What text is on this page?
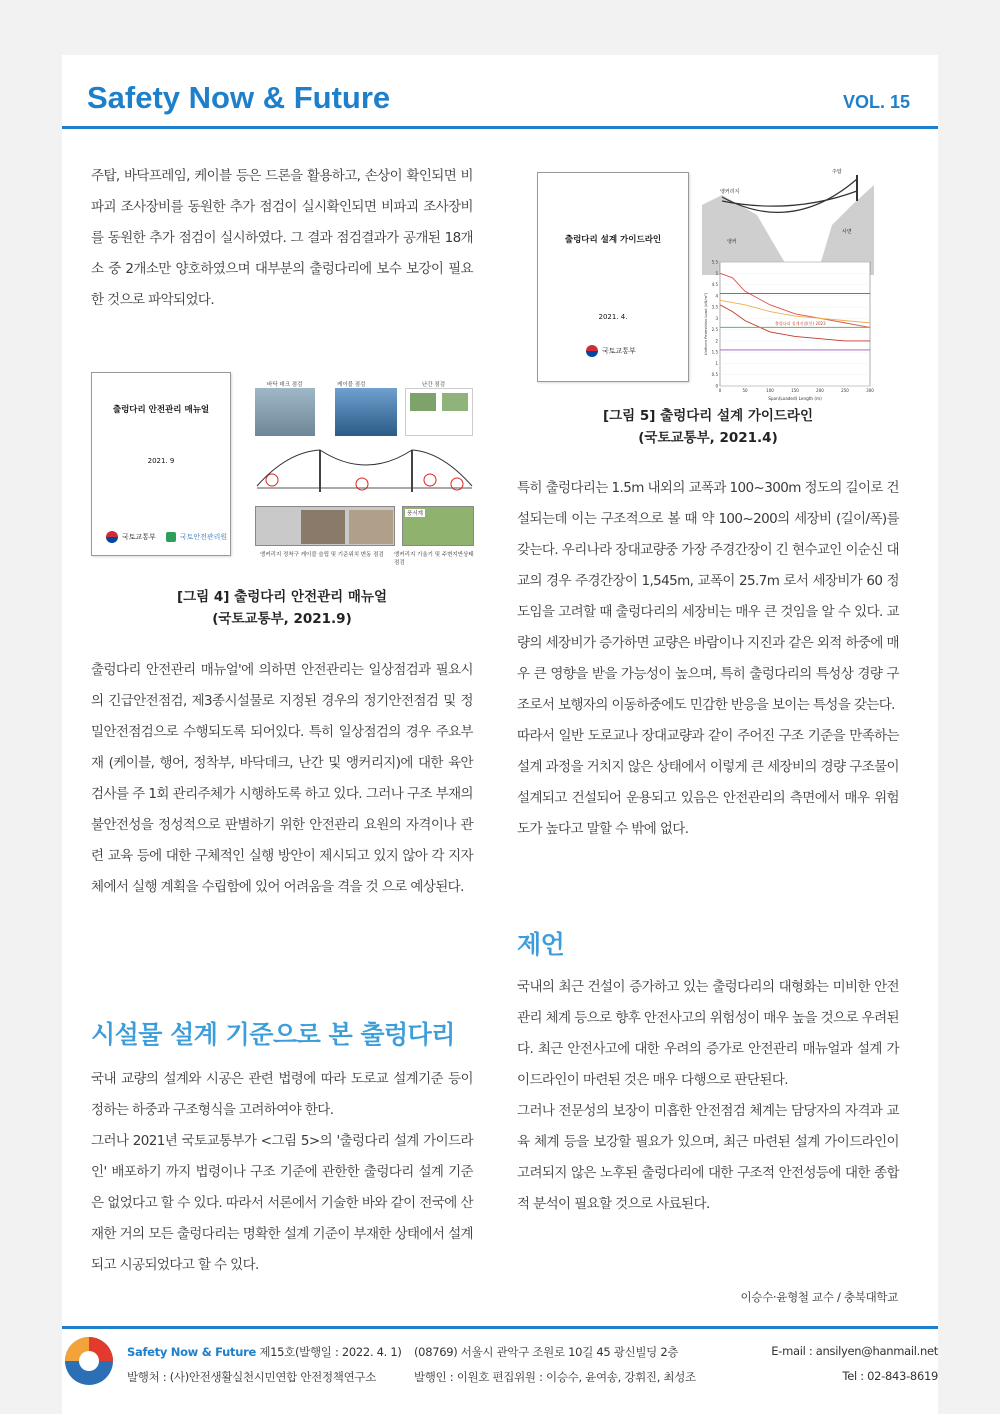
Safety Now & Future	VOL. 15

주탑, 바닥프레임, 케이블 등은 드론을 활용하고, 손상이 확인되면 비파괴 조사장비를 동원한 추가 점검이 실시확인되면 비파괴 조사장비를 동원한 추가 점검이 실시하였다. 그 결과 점검결과가 공개된 18개소 중 2개소만 양호하였으며 대부분의 출렁다리에 보수 보강이 필요한 것으로 파악되었다.

출렁다리 안전관리 매뉴얼
2021. 9
국토교통부	국토안전관리원
바닥 데크 점검	케이블 점검	난간 점검
풍서계
앵커리지 정착구 케이블 슬립 및 기준위치 변동 점검 앵커리지 기울기 및 주변지반상태 점검
[그림 4] 출렁다리 안전관리 매뉴얼
(국토교통부, 2021.9)

출렁다리 안전관리 매뉴얼'에 의하면 안전관리는 일상점검과 필요시의 긴급안전점검, 제3종시설물로 지정된 경우의 정기안전점검 및 정밀안전점검으로 수행되도록 되어있다. 특히 일상점검의 경우 주요부재 (케이블, 행어, 정착부, 바닥데크, 난간 및 앵커리지)에 대한 육안 검사를 주 1회 관리주체가 시행하도록 하고 있다. 그러나 구조 부재의 불안전성을 정성적으로 판별하기 위한 안전관리 요원의 자격이나 관련 교육 등에 대한 구체적인 실행 방안이 제시되고 있지 않아 각 지자체에서 실행 계획을 수립함에 있어 어려움을 격을 것 으로 예상된다.

시설물 설계 기준으로 본 출렁다리

국내 교량의 설계와 시공은 관련 법령에 따라 도로교 설계기준 등이 정하는 하중과 구조형식을 고려하여야 한다.

그러나 2021년 국토교통부가 <그림 5>의 '출렁다리 설계 가이드라인' 배포하기 까지 법령이나 구조 기준에 관한한 출렁다리 설계 기준은 없었다고 할 수 있다. 따라서 서론에서 기술한 바와 같이 전국에 산재한 거의 모든 출렁다리는 명확한 설계 기준이 부재한 상태에서 설계되고 시공되었다고 할 수 있다.

출렁다리 설계 가이드라인
2021. 4.
국토교통부
주탑
앵커리지
앵커
사면
0
0.5
1
1.5
2
2.5
3
3.5
4
4.5
5
5.5
0	50	100	150	200	250	300
Span(Loaded) Length (m)
Uniform Pedestrian Load (kN/m²)	출렁다리 설계지침(안) 2023
[그림 5] 출렁다리 설계 가이드라인
(국토교통부, 2021.4)

특히 출렁다리는 1.5m 내외의 교폭과 100~300m 정도의 길이로 건설되는데 이는 구조적으로 볼 때 약 100~200의 세장비 (길이/폭)를 갖는다. 우리나라 장대교량중 가장 주경간장이 긴 현수교인 이순신 대교의 경우 주경간장이 1,545m, 교폭이 25.7m 로서 세장비가 60 정도임을 고려할 때 출렁다리의 세장비는 매우 큰 것임을 알 수 있다. 교량의 세장비가 증가하면 교량은 바람이나 지진과 같은 외적 하중에 매우 큰 영향을 받을 가능성이 높으며, 특히 출렁다리의 특성상 경량 구조로서 보행자의 이동하중에도 민감한 반응을 보이는 특성을 갖는다.

따라서 일반 도로교나 장대교량과 같이 주어진 구조 기준을 만족하는 설계 과정을 거치지 않은 상태에서 이렇게 큰 세장비의 경량 구조물이 설계되고 건설되어 운용되고 있음은 안전관리의 측면에서 매우 위험도가 높다고 말할 수 밖에 없다.

제언

국내의 최근 건설이 증가하고 있는 출렁다리의 대형화는 미비한 안전관리 체계 등으로 향후 안전사고의 위험성이 매우 높을 것으로 우려된다. 최근 안전사고에 대한 우려의 증가로 안전관리 매뉴얼과 설계 가이드라인이 마련된 것은 매우 다행으로 판단된다.

그러나 전문성의 보장이 미흡한 안전점검 체계는 담당자의 자격과 교육 체계 등을 보강할 필요가 있으며, 최근 마련된 설계 가이드라인이 고려되지 않은 노후된 출렁다리에 대한 구조적 안전성등에 대한 종합적 분석이 필요할 것으로 사료된다.

이승수·윤형철 교수 / 충북대학교
Safety Now & Future 제15호(발행일 : 2022. 4. 1)
발행처 : (사)안전생활실천시민연합 안전정책연구소
(08769) 서울시 관악구 조원로 10길 45 광신빌딩 2층
발행인 : 이원호 편집위원 : 이승수, 윤여송, 강휘진, 최성조
E-mail : ansilyen@hanmail.net
Tel : 02-843-8619
